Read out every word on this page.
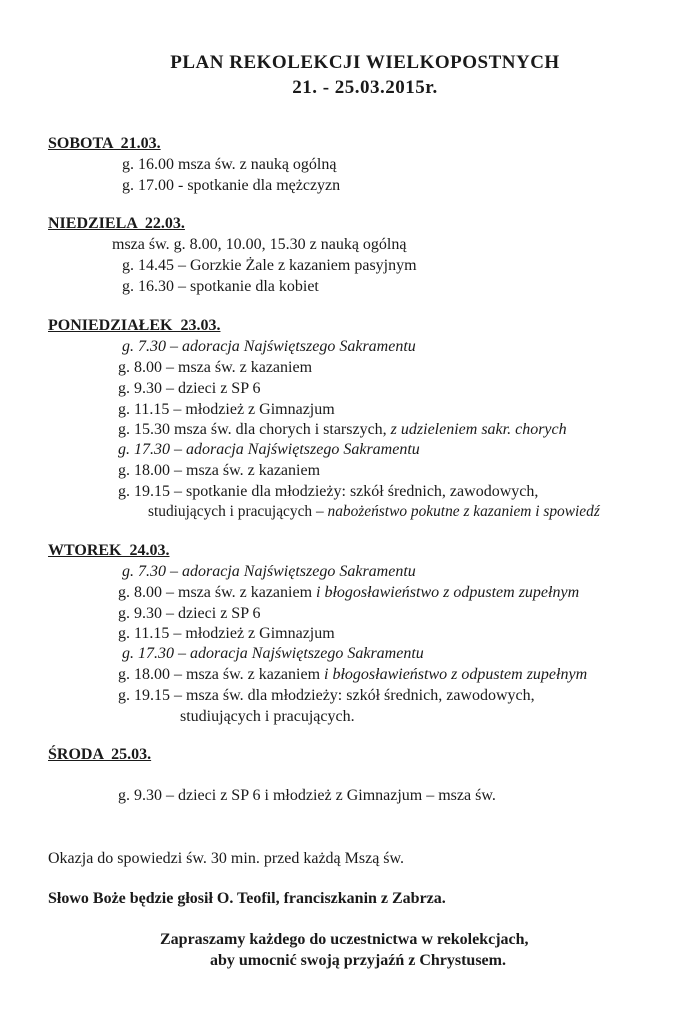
PLAN REKOLEKCJI WIELKOPOSTNYCH
21. - 25.03.2015r.
SOBOTA 21.03.
g. 16.00 msza św. z nauką ogólną
g. 17.00 - spotkanie dla mężczyzn
NIEDZIELA 22.03.
msza św. g. 8.00, 10.00, 15.30 z nauką ogólną
g. 14.45 – Gorzkie Żale z kazaniem pasyjnym
g. 16.30 – spotkanie dla kobiet
PONIEDZIAŁEK 23.03.
g. 7.30 – adoracja Najświętszego Sakramentu
g. 8.00 – msza św. z kazaniem
g. 9.30 – dzieci z SP 6
g. 11.15 – młodzież z Gimnazjum
g. 15.30 msza św. dla chorych i starszych, z udzieleniem sakr. chorych
g. 17.30 – adoracja Najświętszego Sakramentu
g. 18.00 – msza św. z kazaniem
g. 19.15 – spotkanie dla młodzieży: szkół średnich, zawodowych,
studiujących i pracujących – nabożeństwo pokutne z kazaniem i spowiedź
WTOREK 24.03.
g. 7.30 – adoracja Najświętszego Sakramentu
g. 8.00 – msza św. z kazaniem i błogosławieństwo z odpustem zupełnym
g. 9.30 – dzieci z SP 6
g. 11.15 – młodzież z Gimnazjum
g. 17.30 – adoracja Najświętszego Sakramentu
g. 18.00 – msza św. z kazaniem i błogosławieństwo z odpustem zupełnym
g. 19.15 – msza św. dla młodzieży: szkół średnich, zawodowych,
studiujących i pracujących.
ŚRODA 25.03.
g. 9.30 – dzieci z SP 6 i młodzież z Gimnazjum – msza św.
Okazja do spowiedzi św. 30 min. przed każdą Mszą św.
Słowo Boże będzie głosił O. Teofil, franciszkanin z Zabrza.
Zapraszamy każdego do uczestnictwa w rekolekcjach,
aby umocnić swoją przyjaźń z Chrystusem.
